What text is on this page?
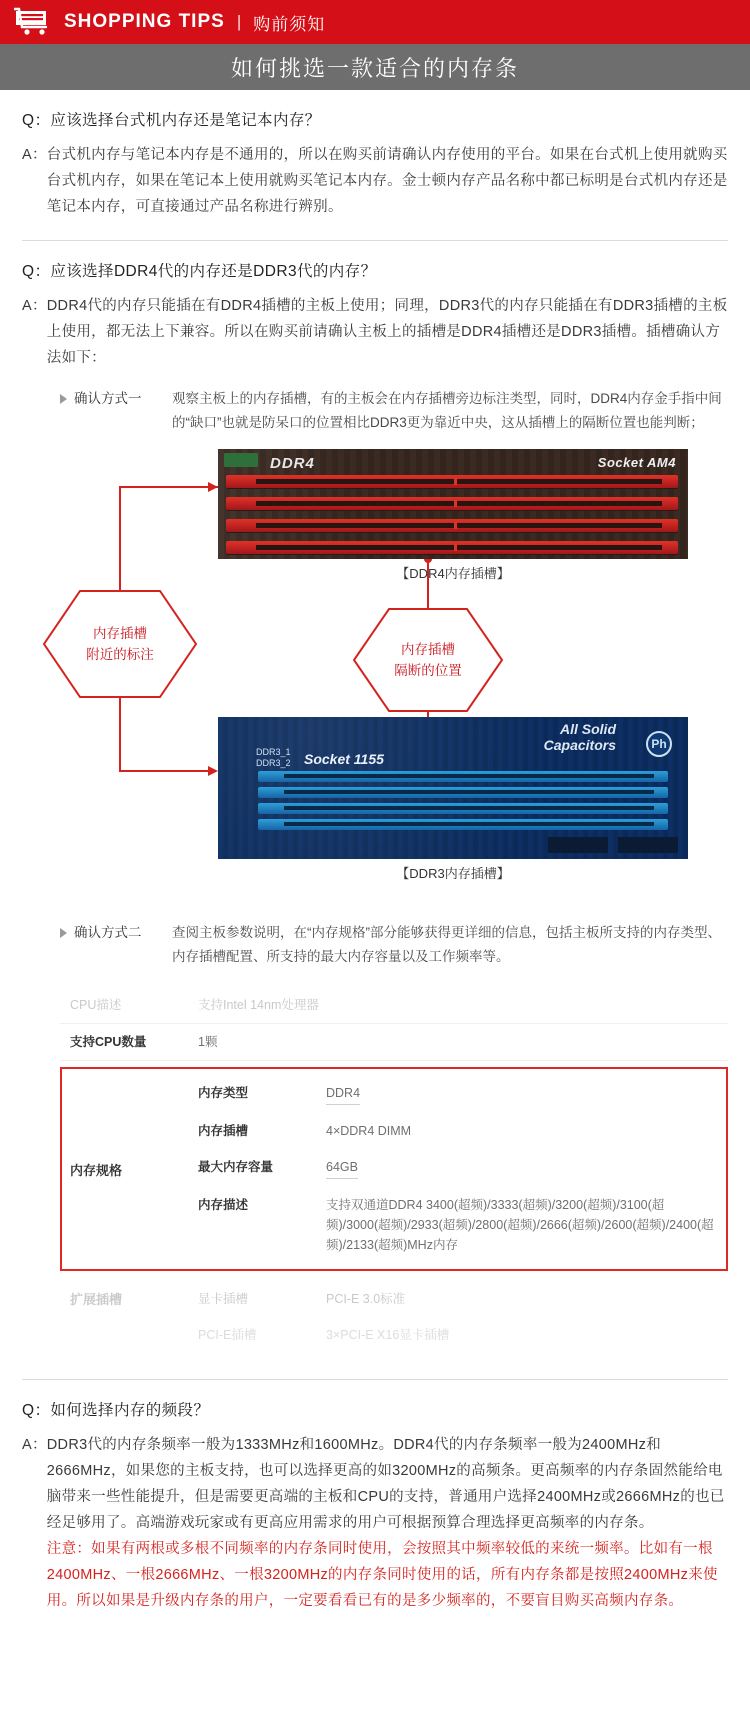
SHOPPING TIPS | 购前须知
如何挑选一款适合的内存条
Q： 应该选择台式机内存还是笔记本内存？
A： 台式机内存与笔记本内存是不通用的，所以在购买前请确认内存使用的平台。如果在台式机上使用就购买台式机内存，如果在笔记本上使用就购买笔记本内存。金士顿内存产品名称中都已标明是台式机内存还是笔记本内存，可直接通过产品名称进行辨别。
Q： 应该选择DDR4代的内存还是DDR3代的内存？
A： DDR4代的内存只能插在有DDR4插槽的主板上使用；同理，DDR3代的内存只能插在有DDR3插槽的主板上使用，都无法上下兼容。所以在购买前请确认主板上的插槽是DDR4插槽还是DDR3插槽。插槽确认方法如下：
确认方式一 观察主板上的内存插槽，有的主板会在内存插槽旁边标注类型，同时，DDR4内存金手指中间的“缺口”也就是防呆口的位置相比DDR3更为靠近中央，这从插槽上的隔断位置也能判断；
DDR4	Socket AM4
【DDR4内存插槽】
All Solid
Capacitors	Ph
Socket 1155
DDR3_1
DDR3_2
【DDR3内存插槽】
内存插槽
附近的标注	内存插槽
隔断的位置
确认方式二 查阅主板参数说明，在“内存规格”部分能够获得更详细的信息，包括主板所支持的内存类型、内存插槽配置、所支持的最大内存容量以及工作频率等。
CPU描述	支持Intel 14nm处理器
支持CPU数量	1颗
内存规格
内存类型	DDR4
内存插槽	4×DDR4 DIMM
最大内存容量	64GB
内存描述	支持双通道DDR4 3400(超频)/3333(超频)/3200(超频)/3100(超频)/3000(超频)/2933(超频)/2800(超频)/2666(超频)/2600(超频)/2400(超频)/2133(超频)MHz内存
扩展插槽	显卡插槽	PCI-E 3.0标准
PCI-E插槽	3×PCI-E X16显卡插槽
Q： 如何选择内存的频段？
A： DDR3代的内存条频率一般为1333MHz和1600MHz。DDR4代的内存条频率一般为2400MHz和2666MHz，如果您的主板支持，也可以选择更高的如3200MHz的高频条。更高频率的内存条固然能给电脑带来一些性能提升，但是需要更高端的主板和CPU的支持，普通用户选择2400MHz或2666MHz的也已经足够用了。高端游戏玩家或有更高应用需求的用户可根据预算合理选择更高频率的内存条。
注意：如果有两根或多根不同频率的内存条同时使用，会按照其中频率较低的来统一频率。比如有一根2400MHz、一根2666MHz、一根3200MHz的内存条同时使用的话，所有内存条都是按照2400MHz来使用。所以如果是升级内存条的用户，一定要看看已有的是多少频率的，不要盲目购买高频内存条。
